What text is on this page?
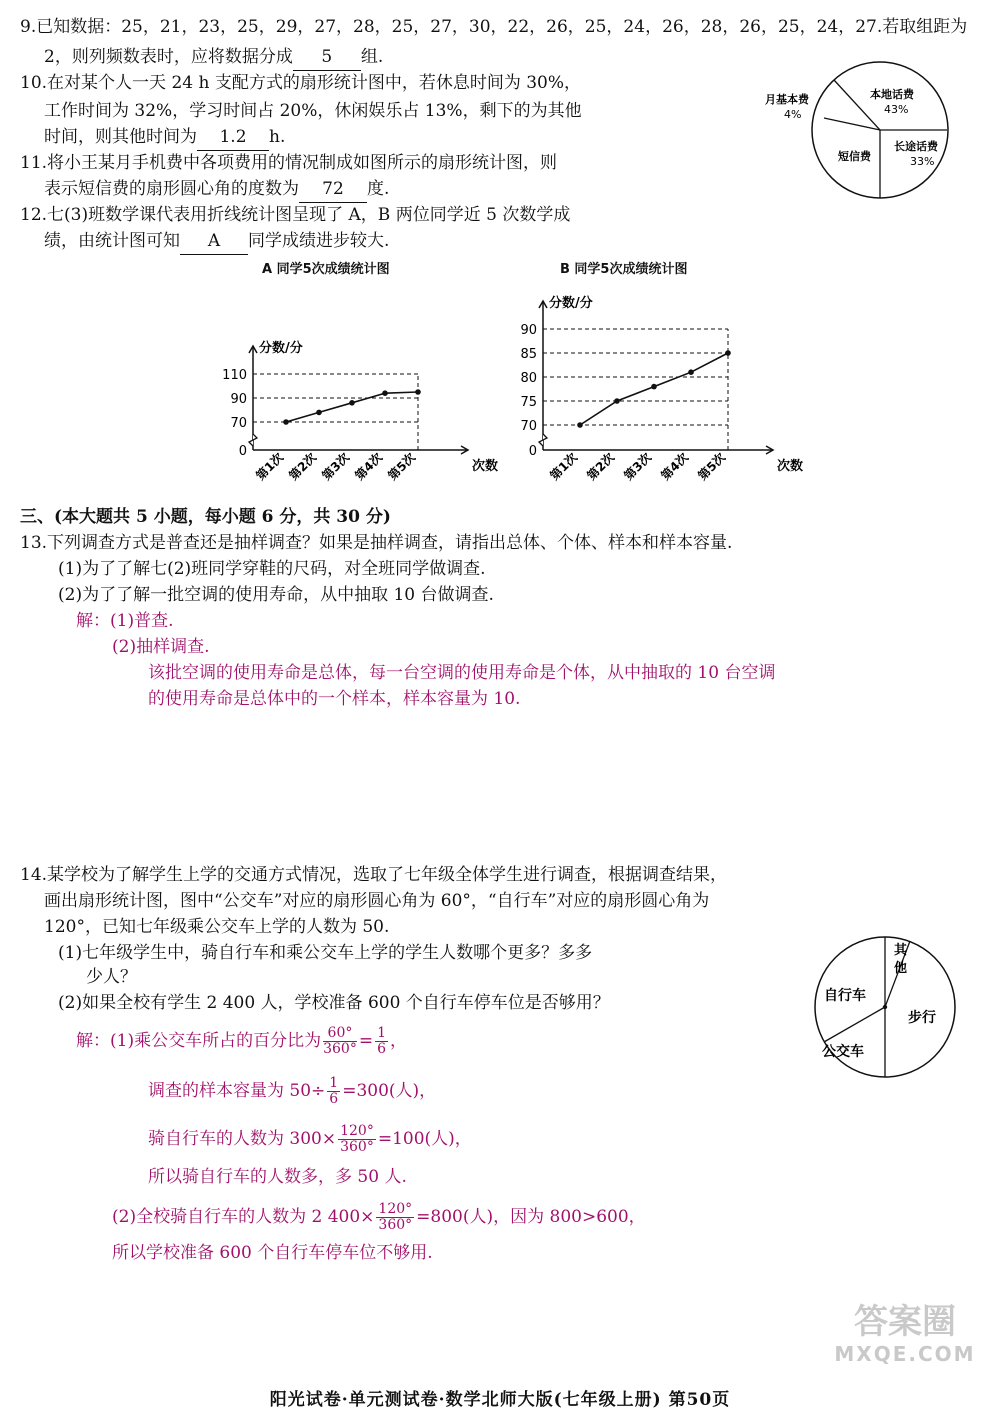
9.已知数据：25，21，23，25，29，27，28，25，27，30，22，26，25，24，26，28，26，25，24，27.若取组距为
2，则列频数表时，应将数据分成 5 组.
10.在对某个人一天 24 h 支配方式的扇形统计图中，若休息时间为 30%，
工作时间为 32%，学习时间占 20%，休闲娱乐占 13%，剩下的为其他
时间，则其他时间为 1.2 h.
11.将小王某月手机费中各项费用的情况制成如图所示的扇形统计图，则
表示短信费的扇形圆心角的度数为 72 度.
12.七(3)班数学课代表用折线统计图呈现了 A，B 两位同学近 5 次数学成
绩，由统计图可知 A 同学成绩进步较大.
月基本费
4%
本地话费
43%
长途话费
33%
短信费
A 同学5次成绩统计图
分数/分
0
70
90
110
第1次 第2次 第3次 第4次 第5次	次数
B 同学5次成绩统计图
分数/分
0
70
75
80
85
90
第1次 第2次 第3次 第4次 第5次	次数
三、(本大题共 5 小题，每小题 6 分，共 30 分)
13.下列调查方式是普查还是抽样调查？如果是抽样调查，请指出总体、个体、样本和样本容量.
(1)为了了解七(2)班同学穿鞋的尺码，对全班同学做调查.
(2)为了了解一批空调的使用寿命，从中抽取 10 台做调查.
解：(1)普查.
(2)抽样调查.
该批空调的使用寿命是总体，每一台空调的使用寿命是个体，从中抽取的 10 台空调
的使用寿命是总体中的一个样本，样本容量为 10.
14.某学校为了解学生上学的交通方式情况，选取了七年级全体学生进行调查，根据调查结果，
画出扇形统计图，图中“公交车”对应的扇形圆心角为 60°，“自行车”对应的扇形圆心角为
120°，已知七年级乘公交车上学的人数为 50.
(1)七年级学生中，骑自行车和乘公交车上学的学生人数哪个更多？多多
少人？
(2)如果全校有学生 2 400 人，学校准备 600 个自行车停车位是否够用？
解：(1)乘公交车所占的百分比为 $\frac{60^\circ}{360^\circ} = \frac{1}{6}$ ，
调查的样本容量为 $50\div \frac{1}{6} =300$(人)，
骑自行车的人数为 $300\times \frac{120^\circ}{360^\circ} =100$(人)，
所以骑自行车的人数多，多 50 人.
(2)全校骑自行车的人数为 2 $400\times \frac{120^\circ}{360^\circ} =800$(人)，因为 800>600，
所以学校准备 600 个自行车停车位不够用.
其
他
步行
公交车
自行车
答案圈
MXQE.COM
阳光试卷·单元测试卷·数学北师大版(七年级上册) 第50页
